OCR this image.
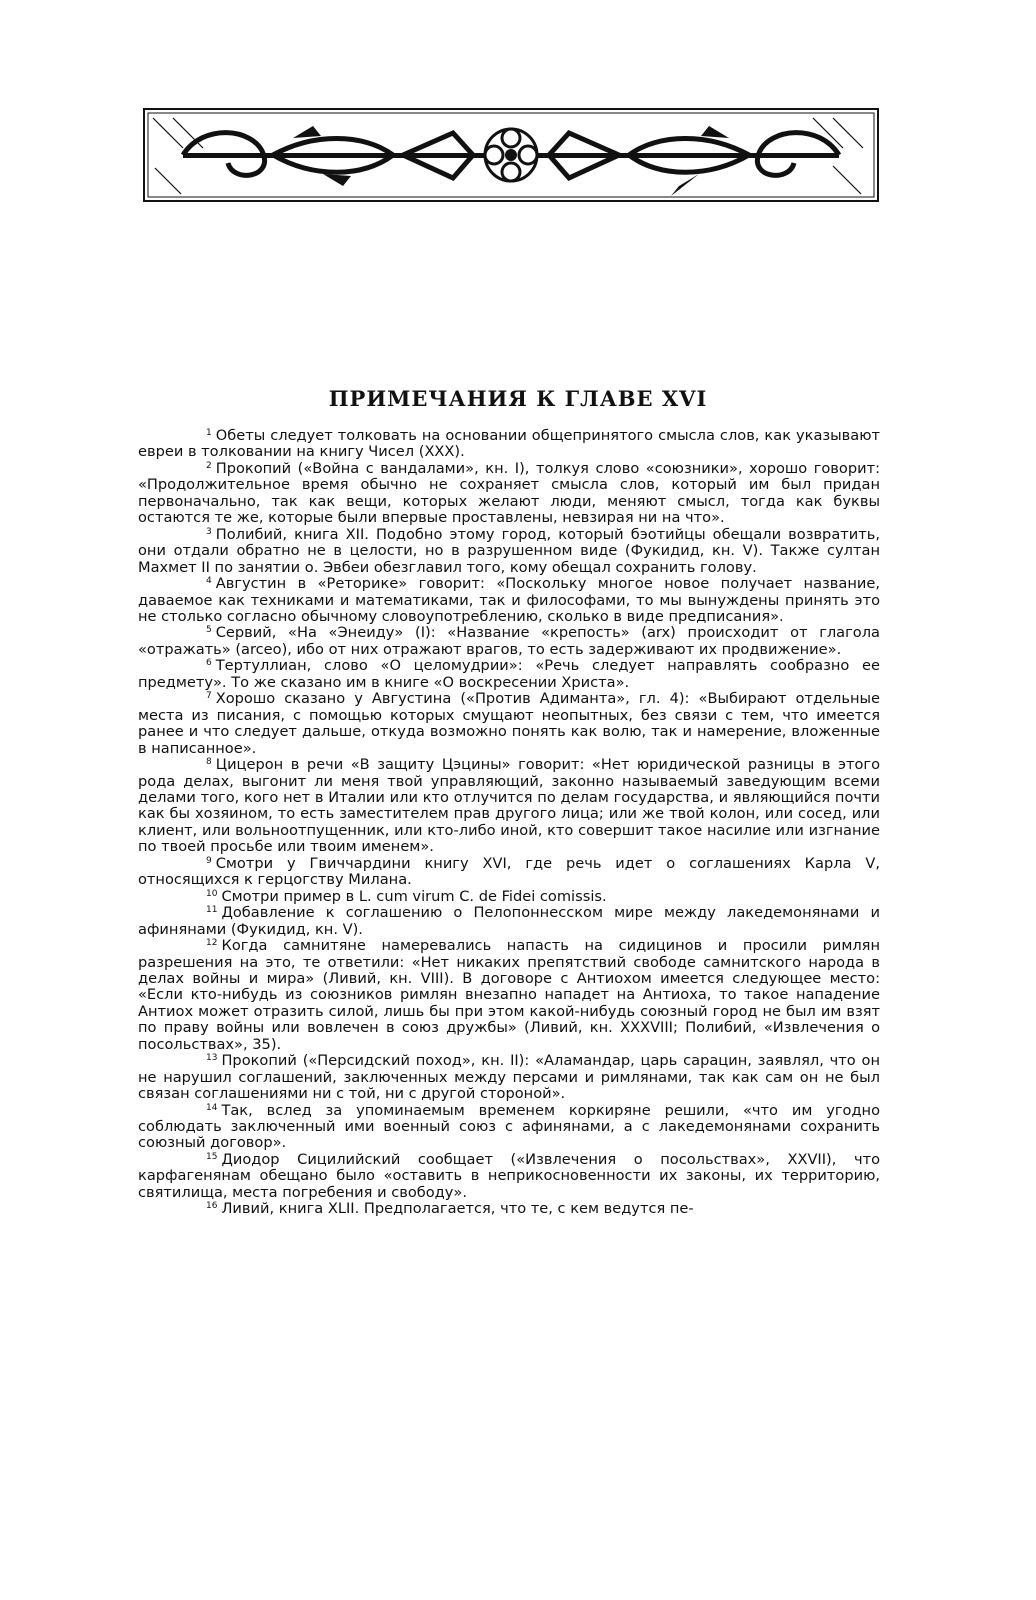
ПРИМЕЧАНИЯ К ГЛАВЕ XVI

$^1$ Обеты следует толковать на основании общепринятого смысла слов, как указывают евреи в толковании на книгу Чисел (XXX).

$^2$ Прокопий («Война с вандалами», кн. I), толкуя слово «союзники», хорошо говорит: «Продолжительное время обычно не сохраняет смысла слов, который им был придан первоначально, так как вещи, которых желают люди, меняют смысл, тогда как буквы остаются те же, которые были впервые проставлены, невзирая ни на что».

$^3$ Полибий, книга XII. Подобно этому город, который бэотийцы обещали возвратить, они отдали обратно не в целости, но в разрушенном виде (Фукидид, кн. V). Также султан Махмет II по занятии о. Эвбеи обезглавил того, кому обещал сохранить голову.

$^4$ Августин в «Реторике» говорит: «Поскольку многое новое получает название, даваемое как техниками и математиками, так и философами, то мы вынуждены принять это не столько согласно обычному словоупотреблению, сколько в виде предписания».

$^5$ Сервий, «На «Энеиду» (I): «Название «крепость» (arx) происходит от глагола «отражать» (arceo), ибо от них отражают врагов, то есть задерживают их продвижение».

$^6$ Тертуллиан, слово «О целомудрии»: «Речь следует направлять сообразно ее предмету». То же сказано им в книге «О воскресении Христа».

$^7$ Хорошо сказано у Августина («Против Адиманта», гл. 4): «Выбирают отдельные места из писания, с помощью которых смущают неопытных, без связи с тем, что имеется ранее и что следует дальше, откуда возможно понять как волю, так и намерение, вложенные в написанное».

$^8$ Цицерон в речи «В защиту Цэцины» говорит: «Нет юридической разницы в этого рода делах, выгонит ли меня твой управляющий, законно называемый заведующим всеми делами того, кого нет в Италии или кто отлучится по делам государства, и являющийся почти как бы хозяином, то есть заместителем прав другого лица; или же твой колон, или сосед, или клиент, или вольноотпущенник, или кто-либо иной, кто совершит такое насилие или изгнание по твоей просьбе или твоим именем».

$^9$ Смотри у Гвиччардини книгу XVI, где речь идет о соглашениях Карла V, относящихся к герцогству Милана.

$^{10}$ Смотри пример в L. cum virum C. de Fidei comissis.

$^{11}$ Добавление к соглашению о Пелопоннесском мире между лакедемонянами и афинянами (Фукидид, кн. V).

$^{12}$ Когда самнитяне намеревались напасть на сидицинов и просили римлян разрешения на это, те ответили: «Нет никаких препятствий свободе самнитского народа в делах войны и мира» (Ливий, кн. VIII). В договоре с Антиохом имеется следующее место: «Если кто-нибудь из союзников римлян внезапно нападет на Антиоха, то такое нападение Антиох может отразить силой, лишь бы при этом какой-нибудь союзный город не был им взят по праву войны или вовлечен в союз дружбы» (Ливий, кн. XXXVIII; Полибий, «Извлечения о посольствах», 35).

$^{13}$ Прокопий («Персидский поход», кн. II): «Аламандар, царь сарацин, заявлял, что он не нарушил соглашений, заключенных между персами и римлянами, так как сам он не был связан соглашениями ни с той, ни с другой стороной».

$^{14}$ Так, вслед за упоминаемым временем коркиряне решили, «что им угодно соблюдать заключенный ими военный союз с афинянами, а с лакедемонянами сохранить союзный договор».

$^{15}$ Диодор Сицилийский сообщает («Извлечения о посольствах», XXVII), что карфагенянам обещано было «оставить в неприкосновенности их законы, их территорию, святилища, места погребения и свободу».

$^{16}$ Ливий, книга XLII. Предполагается, что те, с кем ведутся пе-
